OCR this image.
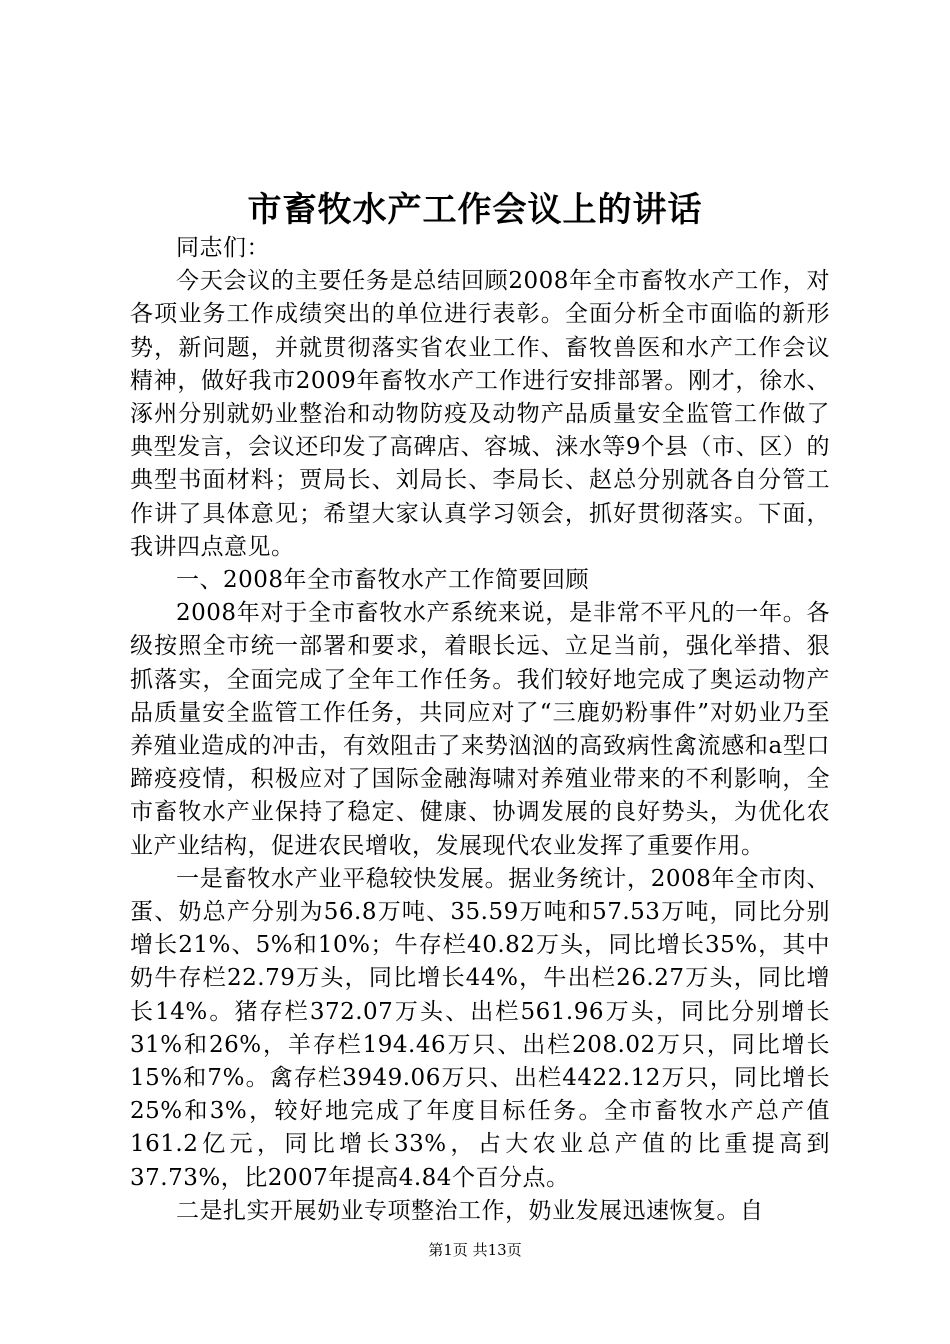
市畜牧水产工作会议上的讲话

同志们：

今天会议的主要任务是总结回顾2008年全市畜牧水产工作，对各项业务工作成绩突出的单位进行表彰。全面分析全市面临的新形势，新问题，并就贯彻落实省农业工作、畜牧兽医和水产工作会议精神，做好我市2009年畜牧水产工作进行安排部署。刚才，徐水、涿州分别就奶业整治和动物防疫及动物产品质量安全监管工作做了典型发言，会议还印发了高碑店、容城、涞水等9个县（市、区）的典型书面材料；贾局长、刘局长、李局长、赵总分别就各自分管工作讲了具体意见；希望大家认真学习领会，抓好贯彻落实。下面，我讲四点意见。

一、2008年全市畜牧水产工作简要回顾

2008年对于全市畜牧水产系统来说，是非常不平凡的一年。各级按照全市统一部署和要求，着眼长远、立足当前，强化举措、狠抓落实，全面完成了全年工作任务。我们较好地完成了奥运动物产品质量安全监管工作任务，共同应对了“三鹿奶粉事件”对奶业乃至养殖业造成的冲击，有效阻击了来势汹汹的高致病性禽流感和a型口蹄疫疫情，积极应对了国际金融海啸对养殖业带来的不利影响，全市畜牧水产业保持了稳定、健康、协调发展的良好势头，为优化农业产业结构，促进农民增收，发展现代农业发挥了重要作用。

一是畜牧水产业平稳较快发展。据业务统计，2008年全市肉、蛋、奶总产分别为56.8万吨、35.59万吨和57.53万吨，同比分别增长21%、5%和10%；牛存栏40.82万头，同比增长35%，其中奶牛存栏22.79万头，同比增长44%，牛出栏26.27万头，同比增长14%。猪存栏372.07万头、出栏561.96万头，同比分别增长31%和26%，羊存栏194.46万只、出栏208.02万只，同比增长15%和7%。禽存栏3949.06万只、出栏4422.12万只，同比增长25%和3%，较好地完成了年度目标任务。全市畜牧水产总产值161.2亿元，同比增长33%，占大农业总产值的比重提高到37.73%，比2007年提高4.84个百分点。

二是扎实开展奶业专项整治工作，奶业发展迅速恢复。自

第1页 共13页
